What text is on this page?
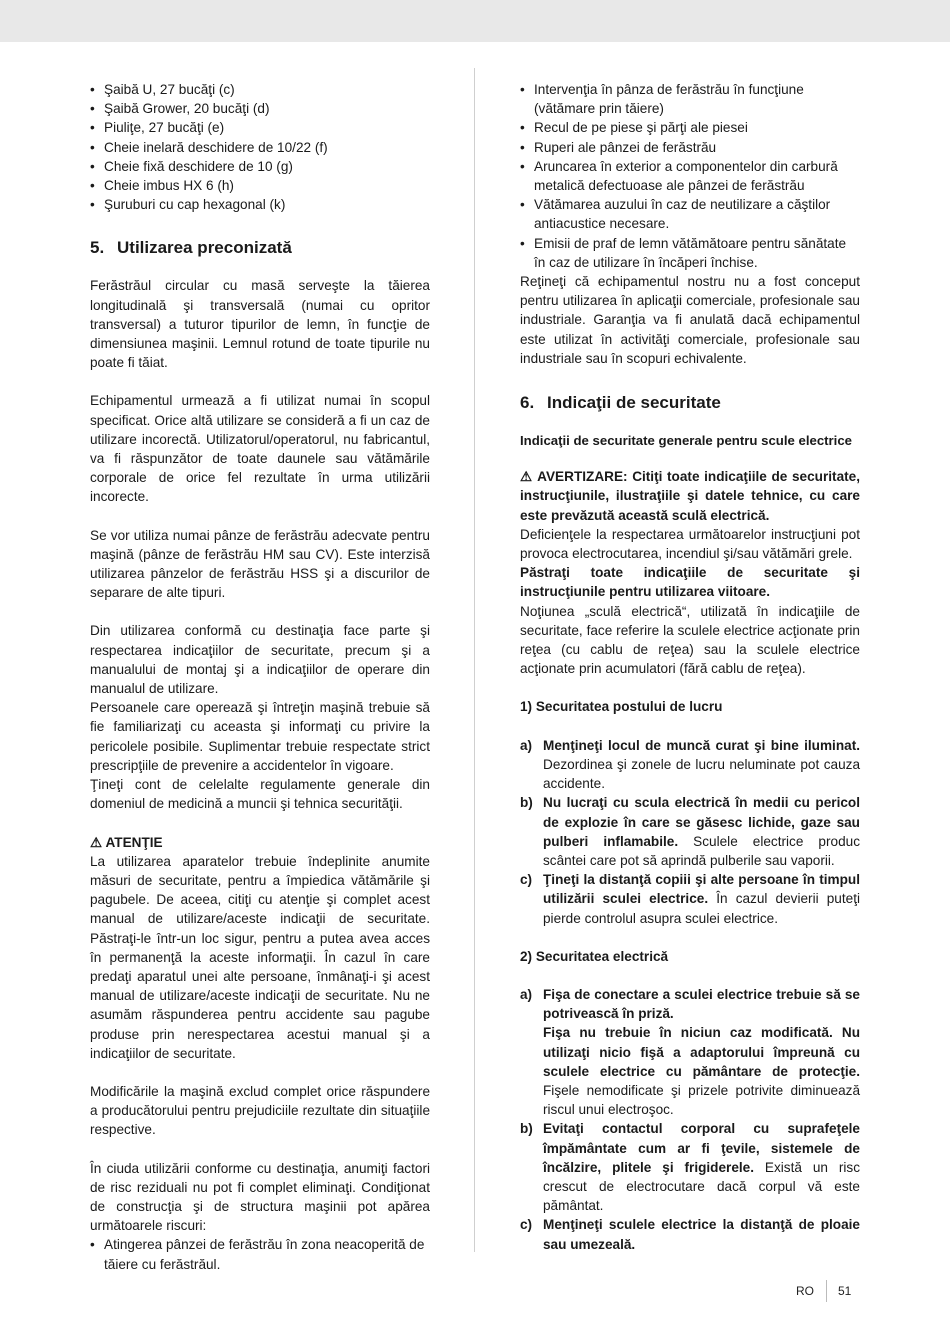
• Şaibă U, 27 bucăţi (c)
• Şaibă Grower, 20 bucăţi (d)
• Piuliţe, 27 bucăţi (e)
• Cheie inelară deschidere de 10/22 (f)
• Cheie fixă deschidere de 10 (g)
• Cheie imbus HX 6 (h)
• Şuruburi cu cap hexagonal (k)
5. Utilizarea preconizată

Ferăstrăul circular cu masă serveşte la tăierea longitudinală şi transversală (numai cu opritor transversal) a tuturor tipurilor de lemn, în funcţie de dimensiunea maşinii. Lemnul rotund de toate tipurile nu poate fi tăiat.

Echipamentul urmează a fi utilizat numai în scopul specificat. Orice altă utilizare se consideră a fi un caz de utilizare incorectă. Utilizatorul/operatorul, nu fabricantul, va fi răspunzător de toate daunele sau vătămările corporale de orice fel rezultate în urma utilizării incorecte.

Se vor utiliza numai pânze de ferăstrău adecvate pentru maşină (pânze de ferăstrău HM sau CV). Este interzisă utilizarea pânzelor de ferăstrău HSS şi a discurilor de separare de alte tipuri.

Din utilizarea conformă cu destinaţia face parte şi respectarea indicaţiilor de securitate, precum şi a manualului de montaj şi a indicaţiilor de operare din manualul de utilizare.

Persoanele care operează şi întreţin maşină trebuie să fie familiarizaţi cu aceasta şi informaţi cu privire la pericolele posibile. Suplimentar trebuie respectate strict prescripţiile de prevenire a accidentelor în vigoare.

Ţineţi cont de celelalte regulamente generale din domeniul de medicină a muncii şi tehnica securităţii.

⚠ ATENŢIE

La utilizarea aparatelor trebuie îndeplinite anumite măsuri de securitate, pentru a împiedica vătămările şi pagubele. De aceea, citiţi cu atenţie şi complet acest manual de utilizare/aceste indicaţii de securitate. Păstraţi-le într-un loc sigur, pentru a putea avea acces în permanenţă la aceste informaţii. În cazul în care predaţi aparatul unei alte persoane, înmânaţi-i şi acest manual de utilizare/aceste indicaţii de securitate. Nu ne asumăm răspunderea pentru accidente sau pagube produse prin nerespectarea acestui manual şi a indicaţiilor de securitate.

Modificările la maşină exclud complet orice răspundere a producătorului pentru prejudiciile rezultate din situaţiile respective.

În ciuda utilizării conforme cu destinaţia, anumiţi factori de risc reziduali nu pot fi complet eliminaţi. Condiţionat de construcţia şi de structura maşinii pot apărea următoarele riscuri:

• Atingerea pânzei de ferăstrău în zona neacoperită de tăiere cu ferăstrăul.
• Intervenţia în pânza de ferăstrău în funcţiune (vătămare prin tăiere)
• Recul de pe piese şi părţi ale piesei
• Ruperi ale pânzei de ferăstrău
• Aruncarea în exterior a componentelor din carbură metalică defectuoase ale pânzei de ferăstrău
• Vătămarea auzului în caz de neutilizare a căştilor antiacustice necesare.
• Emisii de praf de lemn vătămătoare pentru sănătate în caz de utilizare în încăperi închise.

Reţineţi că echipamentul nostru nu a fost conceput pentru utilizarea în aplicaţii comerciale, profesionale sau industriale. Garanţia va fi anulată dacă echipamentul este utilizat în activităţi comerciale, profesionale sau industriale sau în scopuri echivalente.

6. Indicaţii de securitate

Indicaţii de securitate generale pentru scule electrice

⚠ AVERTIZARE: Citiţi toate indicaţiile de securitate, instrucţiunile, ilustraţiile şi datele tehnice, cu care este prevăzută această sculă electrică.

Deficienţele la respectarea următoarelor instrucţiuni pot provoca electrocutarea, incendiul şi/sau vătămări grele.

Păstraţi toate indicaţiile de securitate şi instrucţiunile pentru utilizarea viitoare.

Noţiunea „sculă electrică“, utilizată în indicaţiile de securitate, face referire la sculele electrice acţionate prin reţea (cu cablu de reţea) sau la sculele electrice acţionate prin acumulatori (fără cablu de reţea).

1) Securitatea postului de lucru

a) Menţineţi locul de muncă curat şi bine iluminat. Dezordinea şi zonele de lucru neluminate pot cauza accidente.
b) Nu lucraţi cu scula electrică în medii cu pericol de explozie în care se găsesc lichide, gaze sau pulberi inflamabile. Sculele electrice produc scântei care pot să aprindă pulberile sau vaporii.
c) Ţineţi la distanţă copiii şi alte persoane în timpul utilizării sculei electrice. În cazul devierii puteţi pierde controlul asupra sculei electrice.

2) Securitatea electrică

a) Fişa de conectare a sculei electrice trebuie să se potrivească în priză.
Fişa nu trebuie în niciun caz modificată. Nu utilizaţi nicio fişă a adaptorului împreună cu sculele electrice cu pământare de protecţie. Fişele nemodificate şi prizele potrivite diminuează riscul unui electroşoc.
b) Evitaţi contactul corporal cu suprafeţele împământate cum ar fi ţevile, sistemele de încălzire, plitele şi frigiderele. Există un risc crescut de electrocutare dacă corpul vă este pământat.
c) Menţineţi sculele electrice la distanţă de ploaie sau umezeală.
RO 51
